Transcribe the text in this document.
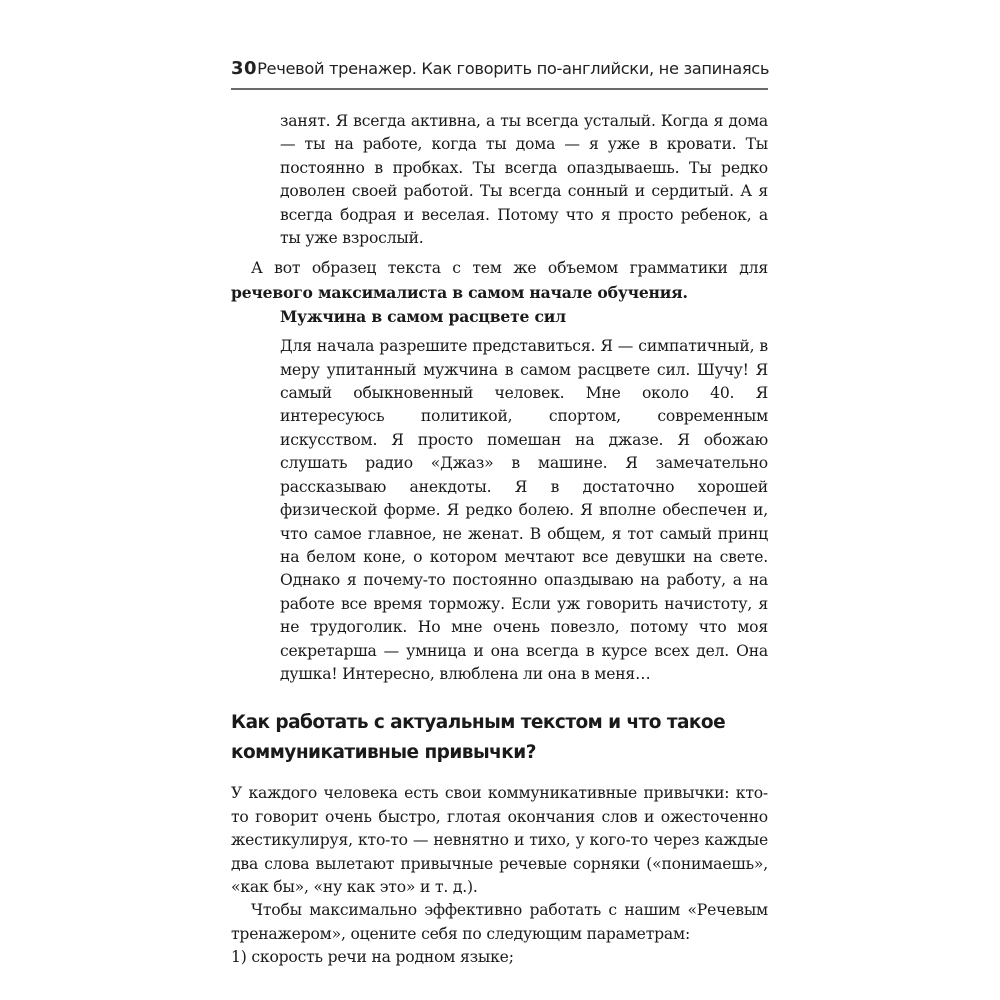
30 Речевой тренажер. Как говорить по-английски, не запинаясь

занят. Я всегда активна, а ты всегда усталый. Когда я дома — ты на работе, когда ты дома — я уже в кровати. Ты постоянно в пробках. Ты всегда опаздываешь. Ты редко доволен своей работой. Ты всегда сонный и сердитый. А я всегда бодрая и веселая. Потому что я просто ребенок, а ты уже взрослый.

А вот образец текста с тем же объемом грамматики для речевого максималиста в самом начале обучения.

Мужчина в самом расцвете сил

Для начала разрешите представиться. Я — симпатичный, в меру упитанный мужчина в самом расцвете сил. Шучу! Я самый обыкновенный человек. Мне около 40. Я интересуюсь политикой, спортом, современным искусством. Я просто помешан на джазе. Я обожаю слушать радио «Джаз» в машине. Я замечательно рассказываю анекдоты. Я в достаточно хорошей физической форме. Я редко болею. Я вполне обеспечен и, что самое главное, не женат. В общем, я тот самый принц на белом коне, о котором мечтают все девушки на свете. Однако я почему-то постоянно опаздываю на работу, а на работе все время торможу. Если уж говорить начистоту, я не трудоголик. Но мне очень повезло, потому что моя секретарша — умница и она всегда в курсе всех дел. Она душка! Интересно, влюблена ли она в меня…

Как работать с актуальным текстом и что такое
коммуникативные привычки?

У каждого человека есть свои коммуникативные привычки: кто-то говорит очень быстро, глотая окончания слов и ожесточенно жестикулируя, кто-то — невнятно и тихо, у кого-то через каждые два слова вылетают привычные речевые сорняки («понимаешь», «как бы», «ну как это» и т. д.).

Чтобы максимально эффективно работать с нашим «Речевым тренажером», оцените себя по следующим параметрам:

1) скорость речи на родном языке;
